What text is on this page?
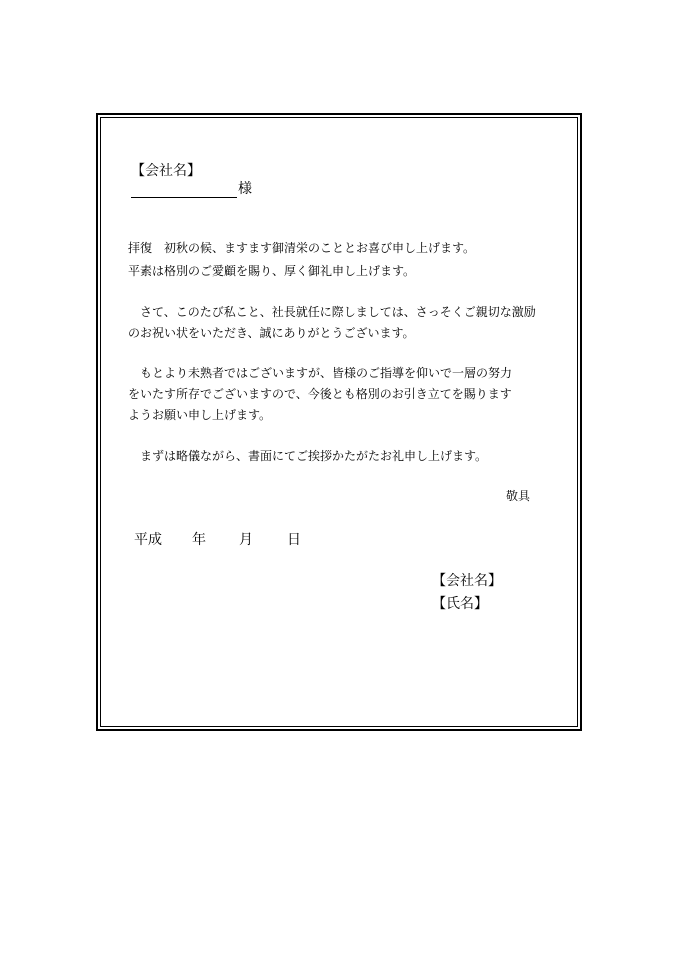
【会社名】
様
拝復　初秋の候、ますます御清栄のこととお喜び申し上げます。
平素は格別のご愛顧を賜り、厚く御礼申し上げます。
　さて、このたび私こと、社長就任に際しましては、さっそくご親切な激励
のお祝い状をいただき、誠にありがとうございます。
　もとより未熟者ではございますが、皆様のご指導を仰いで一層の努力
をいたす所存でございますので、今後とも格別のお引き立てを賜ります
ようお願い申し上げます。
　まずは略儀ながら、書面にてご挨拶かたがたお礼申し上げます。
敬具
平成 年 月 日
【会社名】
【氏名】
